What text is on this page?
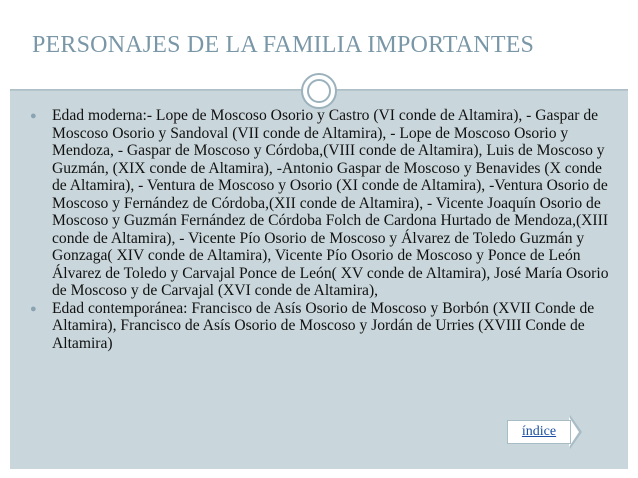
PERSONAJES DE LA FAMILIA IMPORTANTES
● Edad moderna:- Lope de Moscoso Osorio y Castro (VI conde de Altamira), - Gaspar de Moscoso Osorio y Sandoval (VII conde de Altamira), - Lope de Moscoso Osorio y Mendoza, - Gaspar de Moscoso y Córdoba,(VIII conde de Altamira), Luis de Moscoso y Guzmán, (XIX conde de Altamira), -Antonio Gaspar de Moscoso y Benavides (X conde de Altamira), - Ventura de Moscoso y Osorio (XI conde de Altamira), -Ventura Osorio de Moscoso y Fernández de Córdoba,(XII conde de Altamira), - Vicente Joaquín Osorio de Moscoso y Guzmán Fernández de Córdoba Folch de Cardona Hurtado de Mendoza,(XIII conde de Altamira), - Vicente Pío Osorio de Moscoso y Álvarez de Toledo Guzmán y Gonzaga( XIV conde de Altamira), Vicente Pío Osorio de Moscoso y Ponce de León Álvarez de Toledo y Carvajal Ponce de León( XV conde de Altamira), José María Osorio de Moscoso y de Carvajal (XVI conde de Altamira),
● Edad contemporánea: Francisco de Asís Osorio de Moscoso y Borbón (XVII Conde de Altamira), Francisco de Asís Osorio de Moscoso y Jordán de Urries (XVIII Conde de Altamira)
índice
